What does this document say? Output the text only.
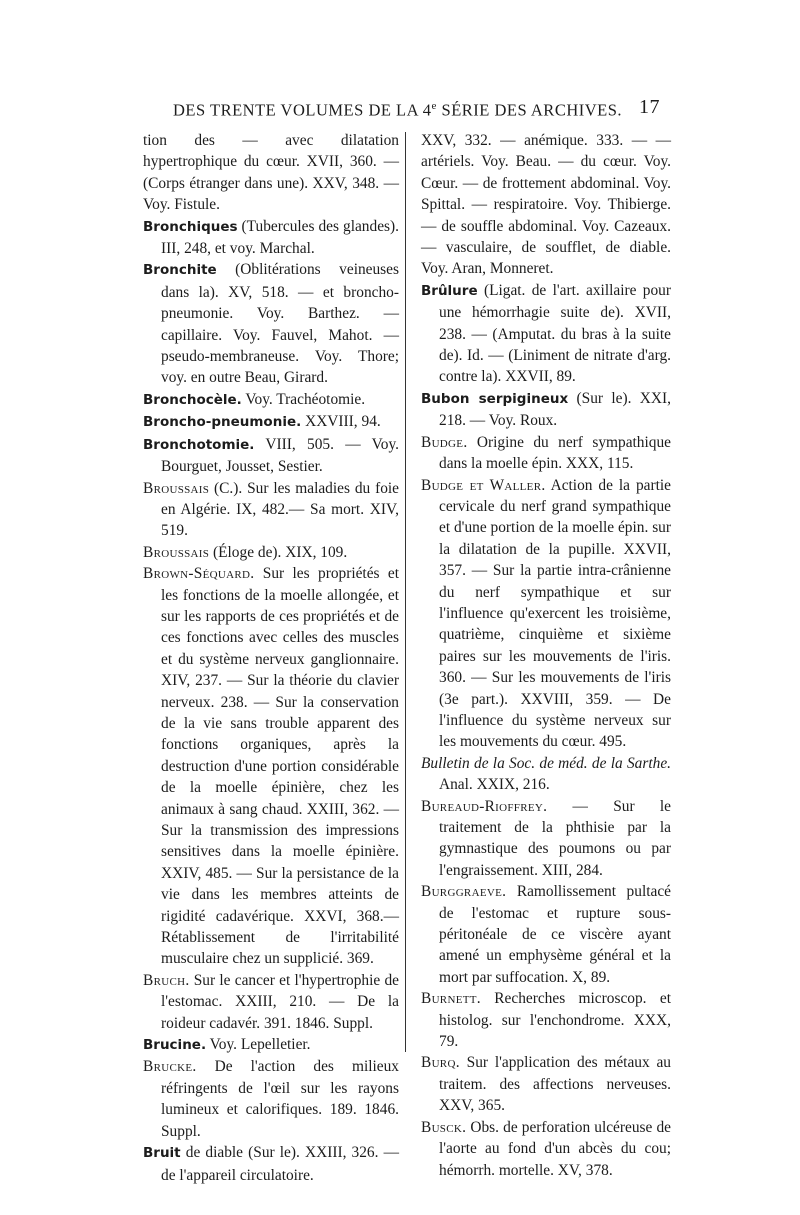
DES TRENTE VOLUMES DE LA 4e SÉRIE DES ARCHIVES. 17

tion des — avec dilatation hypertrophique du cœur. XVII, 360. — (Corps étranger dans une). XXV, 348. — Voy. Fistule.

Bronchiques (Tubercules des glandes). III, 248, et voy. Marchal.

Bronchite (Oblitérations veineuses dans la). XV, 518. — et broncho-pneumonie. Voy. Barthez. — capillaire. Voy. Fauvel, Mahot. — pseudo-membraneuse. Voy. Thore; voy. en outre Beau, Girard.

Bronchocèle. Voy. Trachéotomie.

Broncho-pneumonie. XXVIII, 94.

Bronchotomie. VIII, 505. — Voy. Bourguet, Jousset, Sestier.

Broussais (C.). Sur les maladies du foie en Algérie. IX, 482.— Sa mort. XIV, 519.

Broussais (Éloge de). XIX, 109.

Brown-Séquard. Sur les propriétés et les fonctions de la moelle allongée, et sur les rapports de ces propriétés et de ces fonctions avec celles des muscles et du système nerveux ganglionnaire. XIV, 237. — Sur la théorie du clavier nerveux. 238. — Sur la conservation de la vie sans trouble apparent des fonctions organiques, après la destruction d'une portion considérable de la moelle épinière, chez les animaux à sang chaud. XXIII, 362. — Sur la transmission des impressions sensitives dans la moelle épinière. XXIV, 485. — Sur la persistance de la vie dans les membres atteints de rigidité cadavérique. XXVI, 368.— Rétablissement de l'irritabilité musculaire chez un supplicié. 369.

Bruch. Sur le cancer et l'hypertrophie de l'estomac. XXIII, 210. — De la roideur cadavér. 391. 1846. Suppl.

Brucine. Voy. Lepelletier.

Brucke. De l'action des milieux réfringents de l'œil sur les rayons lumineux et calorifiques. 189. 1846. Suppl.

Bruit de diable (Sur le). XXIII, 326. — de l'appareil circulatoire.

XXV, 332. — anémique. 333. — — artériels. Voy. Beau. — du cœur. Voy. Cœur. — de frottement abdominal. Voy. Spittal. — respiratoire. Voy. Thibierge. — de souffle abdominal. Voy. Cazeaux. — vasculaire, de soufflet, de diable. Voy. Aran, Monneret.

Brûlure (Ligat. de l'art. axillaire pour une hémorrhagie suite de). XVII, 238. — (Amputat. du bras à la suite de). Id. — (Liniment de nitrate d'arg. contre la). XXVII, 89.

Bubon serpigineux (Sur le). XXI, 218. — Voy. Roux.

Budge. Origine du nerf sympathique dans la moelle épin. XXX, 115.

Budge et Waller. Action de la partie cervicale du nerf grand sympathique et d'une portion de la moelle épin. sur la dilatation de la pupille. XXVII, 357. — Sur la partie intra-crânienne du nerf sympathique et sur l'influence qu'exercent les troisième, quatrième, cinquième et sixième paires sur les mouvements de l'iris. 360. — Sur les mouvements de l'iris (3e part.). XXVIII, 359. — De l'influence du système nerveux sur les mouvements du cœur. 495.

Bulletin de la Soc. de méd. de la Sarthe. Anal. XXIX, 216.

Bureaud-Rioffrey. — Sur le traitement de la phthisie par la gymnastique des poumons ou par l'engraissement. XIII, 284.

Burggraeve. Ramollissement pultacé de l'estomac et rupture sous-péritonéale de ce viscère ayant amené un emphysème général et la mort par suffocation. X, 89.

Burnett. Recherches microscop. et histolog. sur l'enchondrome. XXX, 79.

Burq. Sur l'application des métaux au traitem. des affections nerveuses. XXV, 365.

Busck. Obs. de perforation ulcéreuse de l'aorte au fond d'un abcès du cou; hémorrh. mortelle. XV, 378.
